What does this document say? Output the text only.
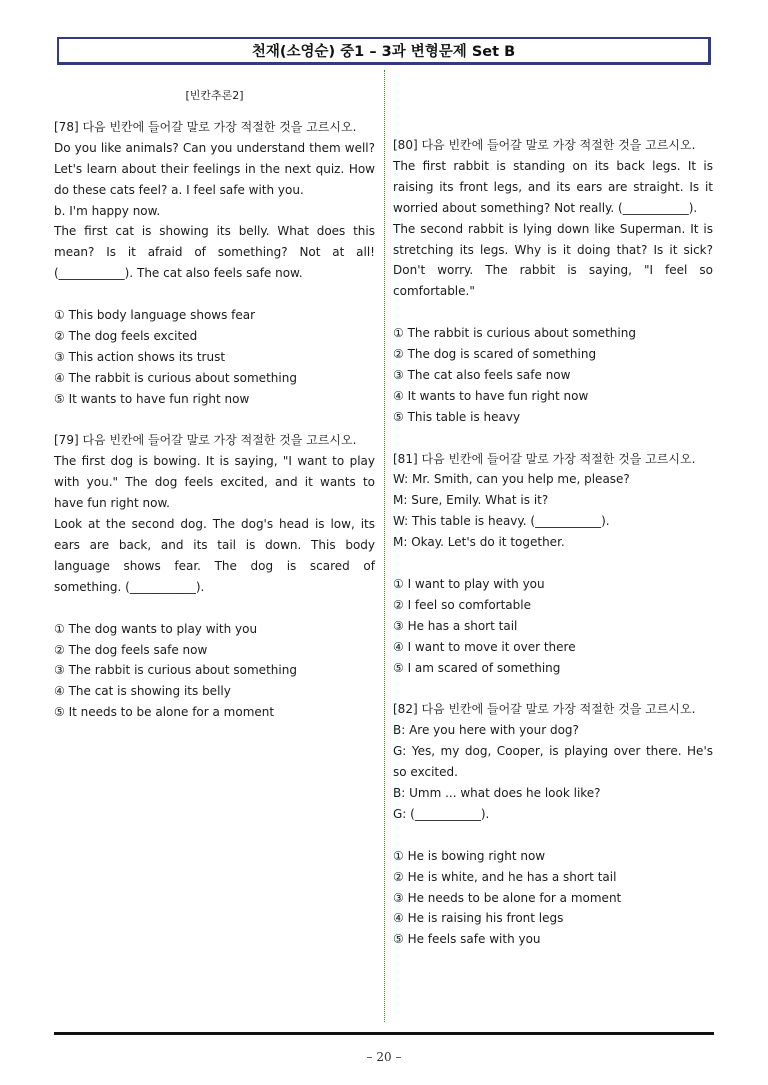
천재(소영순) 중1 – 3과 변형문제 Set B
[빈칸추론2]

[78] 다음 빈칸에 들어갈 말로 가장 적절한 것을 고르시오.

Do you like animals? Can you understand them well? Let's learn about their feelings in the next quiz. How do these cats feel? a. I feel safe with you.

b. I'm happy now.

The first cat is showing its belly. What does this mean? Is it afraid of something? Not at all! (___________). The cat also feels safe now.

① This body language shows fear
② The dog feels excited
③ This action shows its trust
④ The rabbit is curious about something
⑤ It wants to have fun right now

[79] 다음 빈칸에 들어갈 말로 가장 적절한 것을 고르시오.

The first dog is bowing. It is saying, "I want to play with you." The dog feels excited, and it wants to have fun right now.

Look at the second dog. The dog's head is low, its ears are back, and its tail is down. This body language shows fear. The dog is scared of something. (___________).

① The dog wants to play with you
② The dog feels safe now
③ The rabbit is curious about something
④ The cat is showing its belly
⑤ It needs to be alone for a moment

[80] 다음 빈칸에 들어갈 말로 가장 적절한 것을 고르시오.

The first rabbit is standing on its back legs. It is raising its front legs, and its ears are straight. Is it worried about something? Not really. (___________).

The second rabbit is lying down like Superman. It is stretching its legs. Why is it doing that? Is it sick? Don't worry. The rabbit is saying, "I feel so comfortable."

① The rabbit is curious about something
② The dog is scared of something
③ The cat also feels safe now
④ It wants to have fun right now
⑤ This table is heavy

[81] 다음 빈칸에 들어갈 말로 가장 적절한 것을 고르시오.

W: Mr. Smith, can you help me, please?

M: Sure, Emily. What is it?

W: This table is heavy. (___________).

M: Okay. Let's do it together.

① I want to play with you
② I feel so comfortable
③ He has a short tail
④ I want to move it over there
⑤ I am scared of something

[82] 다음 빈칸에 들어갈 말로 가장 적절한 것을 고르시오.

B: Are you here with your dog?

G: Yes, my dog, Cooper, is playing over there. He's so excited.

B: Umm ... what does he look like?

G: (___________).

① He is bowing right now
② He is white, and he has a short tail
③ He needs to be alone for a moment
④ He is raising his front legs
⑤ He feels safe with you
– 20 –
